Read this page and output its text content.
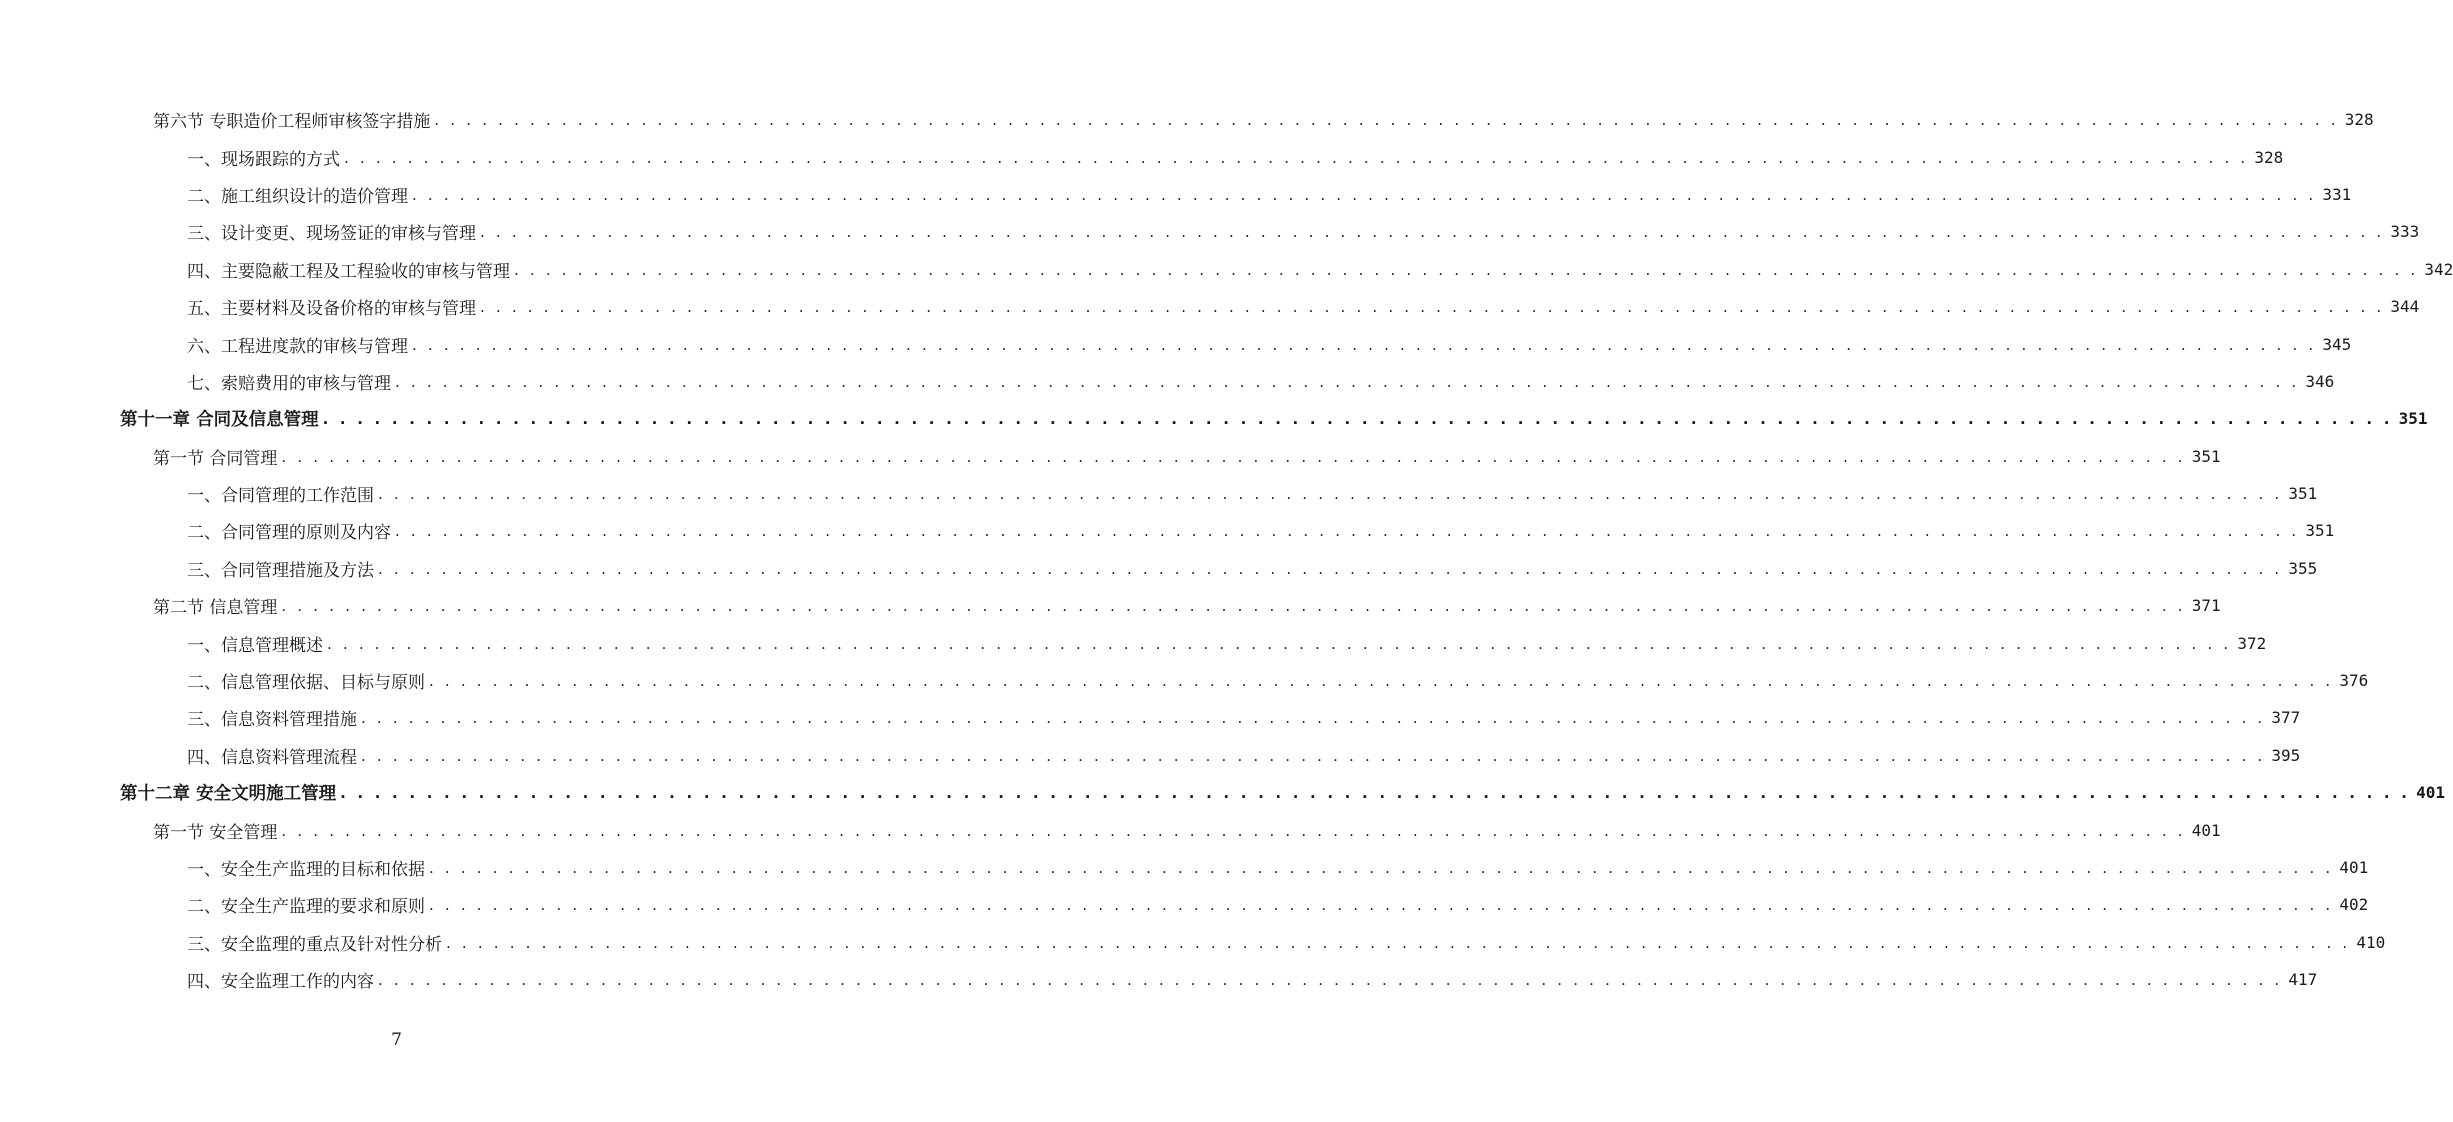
第六节 专职造价工程师审核签字措施 . . . . . . . . . . . . . . . . . . . . . . . . . . . . . . . . . . . . . . . . . . . . . . . . . . . . . . . . . . . . . . . . . . . . . . . . . . . . . . . . . . . . . . . . . . . . . . . . . . . . . . . . . . . . . . . . . . . . . . . . 328
一、现场跟踪的方式 . . . . . . . . . . . . . . . . . . . . . . . . . . . . . . . . . . . . . . . . . . . . . . . . . . . . . . . . . . . . . . . . . . . . . . . . . . . . . . . . . . . . . . . . . . . . . . . . . . . . . . . . . . . . . . . . . . . . . . . . 328
二、施工组织设计的造价管理 . . . . . . . . . . . . . . . . . . . . . . . . . . . . . . . . . . . . . . . . . . . . . . . . . . . . . . . . . . . . . . . . . . . . . . . . . . . . . . . . . . . . . . . . . . . . . . . . . . . . . . . . . . . . . . . . . . . . . . . . 331
三、设计变更、现场签证的审核与管理 . . . . . . . . . . . . . . . . . . . . . . . . . . . . . . . . . . . . . . . . . . . . . . . . . . . . . . . . . . . . . . . . . . . . . . . . . . . . . . . . . . . . . . . . . . . . . . . . . . . . . . . . . . . . . . . . . . . . . . . . 333
四、主要隐蔽工程及工程验收的审核与管理 . . . . . . . . . . . . . . . . . . . . . . . . . . . . . . . . . . . . . . . . . . . . . . . . . . . . . . . . . . . . . . . . . . . . . . . . . . . . . . . . . . . . . . . . . . . . . . . . . . . . . . . . . . . . . . . . . . . . . . . . 342
五、主要材料及设备价格的审核与管理 . . . . . . . . . . . . . . . . . . . . . . . . . . . . . . . . . . . . . . . . . . . . . . . . . . . . . . . . . . . . . . . . . . . . . . . . . . . . . . . . . . . . . . . . . . . . . . . . . . . . . . . . . . . . . . . . . . . . . . . . 344
六、工程进度款的审核与管理 . . . . . . . . . . . . . . . . . . . . . . . . . . . . . . . . . . . . . . . . . . . . . . . . . . . . . . . . . . . . . . . . . . . . . . . . . . . . . . . . . . . . . . . . . . . . . . . . . . . . . . . . . . . . . . . . . . . . . . . . 345
七、索赔费用的审核与管理 . . . . . . . . . . . . . . . . . . . . . . . . . . . . . . . . . . . . . . . . . . . . . . . . . . . . . . . . . . . . . . . . . . . . . . . . . . . . . . . . . . . . . . . . . . . . . . . . . . . . . . . . . . . . . . . . . . . . . . . . 346
第十一章 合同及信息管理 . . . . . . . . . . . . . . . . . . . . . . . . . . . . . . . . . . . . . . . . . . . . . . . . . . . . . . . . . . . . . . . . . . . . . . . . . . . . . . . . . . . . . . . . . . . . . . . . . . . . . . . . . . . . . . . . . . . . . . . . 351
第一节 合同管理 . . . . . . . . . . . . . . . . . . . . . . . . . . . . . . . . . . . . . . . . . . . . . . . . . . . . . . . . . . . . . . . . . . . . . . . . . . . . . . . . . . . . . . . . . . . . . . . . . . . . . . . . . . . . . . . . . . . . . . . . 351
一、合同管理的工作范围 . . . . . . . . . . . . . . . . . . . . . . . . . . . . . . . . . . . . . . . . . . . . . . . . . . . . . . . . . . . . . . . . . . . . . . . . . . . . . . . . . . . . . . . . . . . . . . . . . . . . . . . . . . . . . . . . . . . . . . . . 351
二、合同管理的原则及内容 . . . . . . . . . . . . . . . . . . . . . . . . . . . . . . . . . . . . . . . . . . . . . . . . . . . . . . . . . . . . . . . . . . . . . . . . . . . . . . . . . . . . . . . . . . . . . . . . . . . . . . . . . . . . . . . . . . . . . . . . 351
三、合同管理措施及方法 . . . . . . . . . . . . . . . . . . . . . . . . . . . . . . . . . . . . . . . . . . . . . . . . . . . . . . . . . . . . . . . . . . . . . . . . . . . . . . . . . . . . . . . . . . . . . . . . . . . . . . . . . . . . . . . . . . . . . . . . 355
第二节 信息管理 . . . . . . . . . . . . . . . . . . . . . . . . . . . . . . . . . . . . . . . . . . . . . . . . . . . . . . . . . . . . . . . . . . . . . . . . . . . . . . . . . . . . . . . . . . . . . . . . . . . . . . . . . . . . . . . . . . . . . . . . 371
一、信息管理概述 . . . . . . . . . . . . . . . . . . . . . . . . . . . . . . . . . . . . . . . . . . . . . . . . . . . . . . . . . . . . . . . . . . . . . . . . . . . . . . . . . . . . . . . . . . . . . . . . . . . . . . . . . . . . . . . . . . . . . . . . 372
二、信息管理依据、目标与原则 . . . . . . . . . . . . . . . . . . . . . . . . . . . . . . . . . . . . . . . . . . . . . . . . . . . . . . . . . . . . . . . . . . . . . . . . . . . . . . . . . . . . . . . . . . . . . . . . . . . . . . . . . . . . . . . . . . . . . . . . 376
三、信息资料管理措施 . . . . . . . . . . . . . . . . . . . . . . . . . . . . . . . . . . . . . . . . . . . . . . . . . . . . . . . . . . . . . . . . . . . . . . . . . . . . . . . . . . . . . . . . . . . . . . . . . . . . . . . . . . . . . . . . . . . . . . . . 377
四、信息资料管理流程 . . . . . . . . . . . . . . . . . . . . . . . . . . . . . . . . . . . . . . . . . . . . . . . . . . . . . . . . . . . . . . . . . . . . . . . . . . . . . . . . . . . . . . . . . . . . . . . . . . . . . . . . . . . . . . . . . . . . . . . . 395
第十二章 安全文明施工管理 . . . . . . . . . . . . . . . . . . . . . . . . . . . . . . . . . . . . . . . . . . . . . . . . . . . . . . . . . . . . . . . . . . . . . . . . . . . . . . . . . . . . . . . . . . . . . . . . . . . . . . . . . . . . . . . . . . . . . . . . 401
第一节 安全管理 . . . . . . . . . . . . . . . . . . . . . . . . . . . . . . . . . . . . . . . . . . . . . . . . . . . . . . . . . . . . . . . . . . . . . . . . . . . . . . . . . . . . . . . . . . . . . . . . . . . . . . . . . . . . . . . . . . . . . . . . 401
一、安全生产监理的目标和依据 . . . . . . . . . . . . . . . . . . . . . . . . . . . . . . . . . . . . . . . . . . . . . . . . . . . . . . . . . . . . . . . . . . . . . . . . . . . . . . . . . . . . . . . . . . . . . . . . . . . . . . . . . . . . . . . . . . . . . . . . 401
二、安全生产监理的要求和原则 . . . . . . . . . . . . . . . . . . . . . . . . . . . . . . . . . . . . . . . . . . . . . . . . . . . . . . . . . . . . . . . . . . . . . . . . . . . . . . . . . . . . . . . . . . . . . . . . . . . . . . . . . . . . . . . . . . . . . . . . 402
三、安全监理的重点及针对性分析 . . . . . . . . . . . . . . . . . . . . . . . . . . . . . . . . . . . . . . . . . . . . . . . . . . . . . . . . . . . . . . . . . . . . . . . . . . . . . . . . . . . . . . . . . . . . . . . . . . . . . . . . . . . . . . . . . . . . . . . . 410
四、安全监理工作的内容 . . . . . . . . . . . . . . . . . . . . . . . . . . . . . . . . . . . . . . . . . . . . . . . . . . . . . . . . . . . . . . . . . . . . . . . . . . . . . . . . . . . . . . . . . . . . . . . . . . . . . . . . . . . . . . . . . . . . . . . . 417
7
